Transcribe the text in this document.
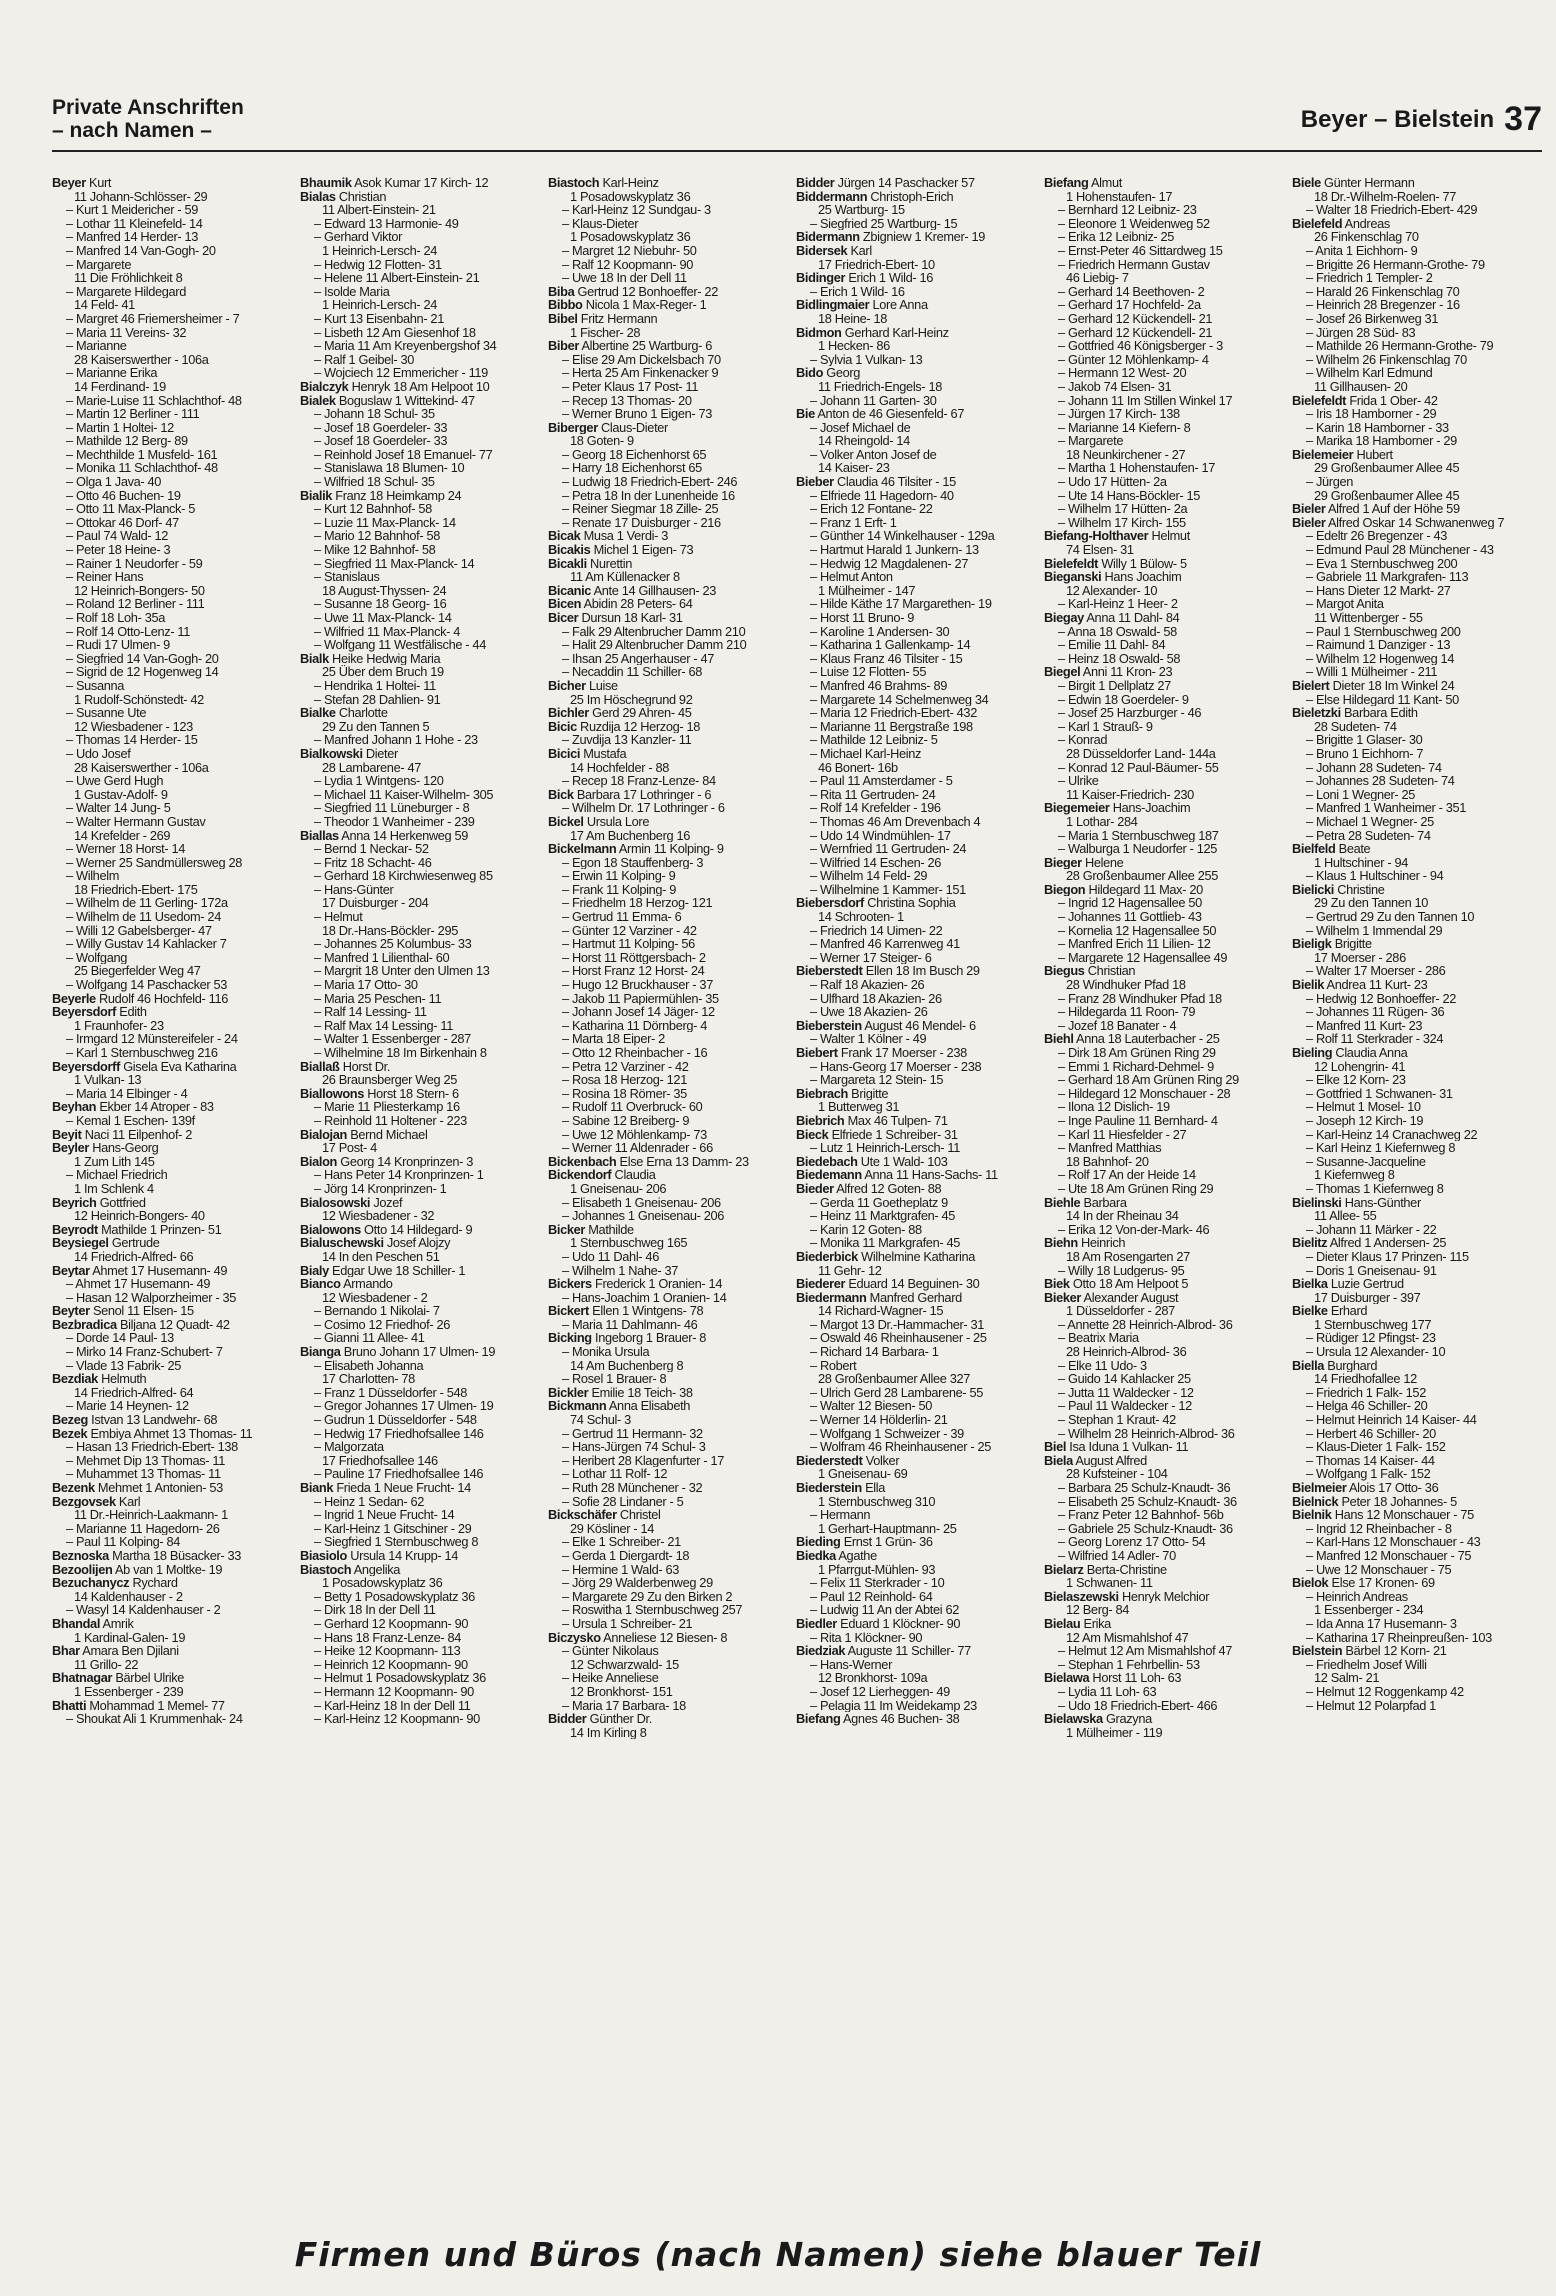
Private Anschriften
– nach Namen –	Beyer – Bielstein 37
Beyer Kurt
11 Johann-Schlösser- 29
– Kurt 1 Meidericher - 59
– Lothar 11 Kleinefeld- 14
– Manfred 14 Herder- 13
– Manfred 14 Van-Gogh- 20
– Margarete
11 Die Fröhlichkeit 8
– Margarete Hildegard
14 Feld- 41
– Margret 46 Friemersheimer - 7
– Maria 11 Vereins- 32
– Marianne
28 Kaiserswerther - 106a
– Marianne Erika
14 Ferdinand- 19
– Marie-Luise 11 Schlachthof- 48
– Martin 12 Berliner - 111
– Martin 1 Holtei- 12
– Mathilde 12 Berg- 89
– Mechthilde 1 Musfeld- 161
– Monika 11 Schlachthof- 48
– Olga 1 Java- 40
– Otto 46 Buchen- 19
– Otto 11 Max-Planck- 5
– Ottokar 46 Dorf- 47
– Paul 74 Wald- 12
– Peter 18 Heine- 3
– Rainer 1 Neudorfer - 59
– Reiner Hans
12 Heinrich-Bongers- 50
– Roland 12 Berliner - 111
– Rolf 18 Loh- 35a
– Rolf 14 Otto-Lenz- 11
– Rudi 17 Ulmen- 9
– Siegfried 14 Van-Gogh- 20
– Sigrid de 12 Hogenweg 14
– Susanna
1 Rudolf-Schönstedt- 42
– Susanne Ute
12 Wiesbadener - 123
– Thomas 14 Herder- 15
– Udo Josef
28 Kaiserswerther - 106a
– Uwe Gerd Hugh
1 Gustav-Adolf- 9
– Walter 14 Jung- 5
– Walter Hermann Gustav
14 Krefelder - 269
– Werner 18 Horst- 14
– Werner 25 Sandmüllersweg 28
– Wilhelm
18 Friedrich-Ebert- 175
– Wilhelm de 11 Gerling- 172a
– Wilhelm de 11 Usedom- 24
– Willi 12 Gabelsberger- 47
– Willy Gustav 14 Kahlacker 7
– Wolfgang
25 Biegerfelder Weg 47
– Wolfgang 14 Paschacker 53
Beyerle Rudolf 46 Hochfeld- 116
Beyersdorf Edith
1 Fraunhofer- 23
– Irmgard 12 Münstereifeler - 24
– Karl 1 Sternbuschweg 216
Beyersdorff Gisela Eva Katharina
1 Vulkan- 13
– Maria 14 Elbinger - 4
Beyhan Ekber 14 Atroper - 83
– Kemal 1 Eschen- 139f
Beyit Naci 11 Eilpenhof- 2
Beyler Hans-Georg
1 Zum Lith 145
– Michael Friedrich
1 Im Schlenk 4
Beyrich Gottfried
12 Heinrich-Bongers- 40
Beyrodt Mathilde 1 Prinzen- 51
Beysiegel Gertrude
14 Friedrich-Alfred- 66
Beytar Ahmet 17 Husemann- 49
– Ahmet 17 Husemann- 49
– Hasan 12 Walporzheimer - 35
Beyter Senol 11 Elsen- 15
Bezbradica Biljana 12 Quadt- 42
– Dorde 14 Paul- 13
– Mirko 14 Franz-Schubert- 7
– Vlade 13 Fabrik- 25
Bezdiak Helmuth
14 Friedrich-Alfred- 64
– Marie 14 Heynen- 12
Bezeg Istvan 13 Landwehr- 68
Bezek Embiya Ahmet 13 Thomas- 11
– Hasan 13 Friedrich-Ebert- 138
– Mehmet Dip 13 Thomas- 11
– Muhammet 13 Thomas- 11
Bezenk Mehmet 1 Antonien- 53
Bezgovsek Karl
11 Dr.-Heinrich-Laakmann- 1
– Marianne 11 Hagedorn- 26
– Paul 11 Kolping- 84
Beznoska Martha 18 Büsacker- 33
Bezoolijen Ab van 1 Moltke- 19
Bezuchanycz Rychard
14 Kaldenhauser - 2
– Wasyl 14 Kaldenhauser - 2
Bhandal Amrik
1 Kardinal-Galen- 19
Bhar Amara Ben Djilani
11 Grillo- 22
Bhatnagar Bärbel Ulrike
1 Essenberger - 239
Bhatti Mohammad 1 Memel- 77
– Shoukat Ali 1 Krummenhak- 24
Bhaumik Asok Kumar 17 Kirch- 12
Bialas Christian
11 Albert-Einstein- 21
– Edward 13 Harmonie- 49
– Gerhard Viktor
1 Heinrich-Lersch- 24
– Hedwig 12 Flotten- 31
– Helene 11 Albert-Einstein- 21
– Isolde Maria
1 Heinrich-Lersch- 24
– Kurt 13 Eisenbahn- 21
– Lisbeth 12 Am Giesenhof 18
– Maria 11 Am Kreyenbergshof 34
– Ralf 1 Geibel- 30
– Wojciech 12 Emmericher - 119
Bialczyk Henryk 18 Am Helpoot 10
Bialek Boguslaw 1 Wittekind- 47
– Johann 18 Schul- 35
– Josef 18 Goerdeler- 33
– Josef 18 Goerdeler- 33
– Reinhold Josef 18 Emanuel- 77
– Stanislawa 18 Blumen- 10
– Wilfried 18 Schul- 35
Bialik Franz 18 Heimkamp 24
– Kurt 12 Bahnhof- 58
– Luzie 11 Max-Planck- 14
– Mario 12 Bahnhof- 58
– Mike 12 Bahnhof- 58
– Siegfried 11 Max-Planck- 14
– Stanislaus
18 August-Thyssen- 24
– Susanne 18 Georg- 16
– Uwe 11 Max-Planck- 14
– Wilfried 11 Max-Planck- 4
– Wolfgang 11 Westfälische - 44
Bialk Heike Hedwig Maria
25 Über dem Bruch 19
– Hendrika 1 Holtei- 11
– Stefan 28 Dahlien- 91
Bialke Charlotte
29 Zu den Tannen 5
– Manfred Johann 1 Hohe - 23
Bialkowski Dieter
28 Lambarene- 47
– Lydia 1 Wintgens- 120
– Michael 11 Kaiser-Wilhelm- 305
– Siegfried 11 Lüneburger - 8
– Theodor 1 Wanheimer - 239
Biallas Anna 14 Herkenweg 59
– Bernd 1 Neckar- 52
– Fritz 18 Schacht- 46
– Gerhard 18 Kirchwiesenweg 85
– Hans-Günter
17 Duisburger - 204
– Helmut
18 Dr.-Hans-Böckler- 295
– Johannes 25 Kolumbus- 33
– Manfred 1 Lilienthal- 60
– Margrit 18 Unter den Ulmen 13
– Maria 17 Otto- 30
– Maria 25 Peschen- 11
– Ralf 14 Lessing- 11
– Ralf Max 14 Lessing- 11
– Walter 1 Essenberger - 287
– Wilhelmine 18 Im Birkenhain 8
Biallaß Horst Dr.
26 Braunsberger Weg 25
Biallowons Horst 18 Stern- 6
– Marie 11 Pliesterkamp 16
– Reinhold 11 Holtener - 223
Bialojan Bernd Michael
17 Post- 4
Bialon Georg 14 Kronprinzen- 3
– Hans Peter 14 Kronprinzen- 1
– Jörg 14 Kronprinzen- 1
Bialosowski Jozef
12 Wiesbadener - 32
Bialowons Otto 14 Hildegard- 9
Bialuschewski Josef Alojzy
14 In den Peschen 51
Bialy Edgar Uwe 18 Schiller- 1
Bianco Armando
12 Wiesbadener - 2
– Bernando 1 Nikolai- 7
– Cosimo 12 Friedhof- 26
– Gianni 11 Allee- 41
Bianga Bruno Johann 17 Ulmen- 19
– Elisabeth Johanna
17 Charlotten- 78
– Franz 1 Düsseldorfer - 548
– Gregor Johannes 17 Ulmen- 19
– Gudrun 1 Düsseldorfer - 548
– Hedwig 17 Friedhofsallee 146
– Malgorzata
17 Friedhofsallee 146
– Pauline 17 Friedhofsallee 146
Biank Frieda 1 Neue Frucht- 14
– Heinz 1 Sedan- 62
– Ingrid 1 Neue Frucht- 14
– Karl-Heinz 1 Gitschiner - 29
– Siegfried 1 Sternbuschweg 8
Biasiolo Ursula 14 Krupp- 14
Biastoch Angelika
1 Posadowskyplatz 36
– Betty 1 Posadowskyplatz 36
– Dirk 18 In der Dell 11
– Gerhard 12 Koopmann- 90
– Hans 18 Franz-Lenze- 84
– Heike 12 Koopmann- 113
– Heinrich 12 Koopmann- 90
– Helmut 1 Posadowskyplatz 36
– Hermann 12 Koopmann- 90
– Karl-Heinz 18 In der Dell 11
– Karl-Heinz 12 Koopmann- 90
Biastoch Karl-Heinz
1 Posadowskyplatz 36
– Karl-Heinz 12 Sundgau- 3
– Klaus-Dieter
1 Posadowskyplatz 36
– Margret 12 Niebuhr- 50
– Ralf 12 Koopmann- 90
– Uwe 18 In der Dell 11
Biba Gertrud 12 Bonhoeffer- 22
Bibbo Nicola 1 Max-Reger- 1
Bibel Fritz Hermann
1 Fischer- 28
Biber Albertine 25 Wartburg- 6
– Elise 29 Am Dickelsbach 70
– Herta 25 Am Finkenacker 9
– Peter Klaus 17 Post- 11
– Recep 13 Thomas- 20
– Werner Bruno 1 Eigen- 73
Biberger Claus-Dieter
18 Goten- 9
– Georg 18 Eichenhorst 65
– Harry 18 Eichenhorst 65
– Ludwig 18 Friedrich-Ebert- 246
– Petra 18 In der Lunenheide 16
– Reiner Siegmar 18 Zille- 25
– Renate 17 Duisburger - 216
Bicak Musa 1 Verdi- 3
Bicakis Michel 1 Eigen- 73
Bicakli Nurettin
11 Am Küllenacker 8
Bicanic Ante 14 Gillhausen- 23
Bicen Abidin 28 Peters- 64
Bicer Dursun 18 Karl- 31
– Falk 29 Altenbrucher Damm 210
– Halit 29 Altenbrucher Damm 210
– Ihsan 25 Angerhauser - 47
– Necaddin 11 Schiller- 68
Bicher Luise
25 Im Höschegrund 92
Bichler Gerd 29 Ahren- 45
Bicic Ruzdija 12 Herzog- 18
– Zuvdija 13 Kanzler- 11
Bicici Mustafa
14 Hochfelder - 88
– Recep 18 Franz-Lenze- 84
Bick Barbara 17 Lothringer - 6
– Wilhelm Dr. 17 Lothringer - 6
Bickel Ursula Lore
17 Am Buchenberg 16
Bickelmann Armin 11 Kolping- 9
– Egon 18 Stauffenberg- 3
– Erwin 11 Kolping- 9
– Frank 11 Kolping- 9
– Friedhelm 18 Herzog- 121
– Gertrud 11 Emma- 6
– Günter 12 Varziner - 42
– Hartmut 11 Kolping- 56
– Horst 11 Röttgersbach- 2
– Horst Franz 12 Horst- 24
– Hugo 12 Bruckhauser - 37
– Jakob 11 Papiermühlen- 35
– Johann Josef 14 Jäger- 12
– Katharina 11 Dörnberg- 4
– Marta 18 Eiper- 2
– Otto 12 Rheinbacher - 16
– Petra 12 Varziner - 42
– Rosa 18 Herzog- 121
– Rosina 18 Römer- 35
– Rudolf 11 Overbruck- 60
– Sabine 12 Breiberg- 9
– Uwe 12 Möhlenkamp- 73
– Werner 11 Aldenrader - 66
Bickenbach Else Erna 13 Damm- 23
Bickendorf Claudia
1 Gneisenau- 206
– Elisabeth 1 Gneisenau- 206
– Johannes 1 Gneisenau- 206
Bicker Mathilde
1 Sternbuschweg 165
– Udo 11 Dahl- 46
– Wilhelm 1 Nahe- 37
Bickers Frederick 1 Oranien- 14
– Hans-Joachim 1 Oranien- 14
Bickert Ellen 1 Wintgens- 78
– Maria 11 Dahlmann- 46
Bicking Ingeborg 1 Brauer- 8
– Monika Ursula
14 Am Buchenberg 8
– Rosel 1 Brauer- 8
Bickler Emilie 18 Teich- 38
Bickmann Anna Elisabeth
74 Schul- 3
– Gertrud 11 Hermann- 32
– Hans-Jürgen 74 Schul- 3
– Heribert 28 Klagenfurter - 17
– Lothar 11 Rolf- 12
– Ruth 28 Münchener - 32
– Sofie 28 Lindaner - 5
Bickschäfer Christel
29 Kösliner - 14
– Elke 1 Schreiber- 21
– Gerda 1 Diergardt- 18
– Hermine 1 Wald- 63
– Jörg 29 Walderbenweg 29
– Margarete 29 Zu den Birken 2
– Roswitha 1 Sternbuschweg 257
– Ursula 1 Schreiber- 21
Biczysko Anneliese 12 Biesen- 8
– Günter Nikolaus
12 Schwarzwald- 15
– Heike Anneliese
12 Bronkhorst- 151
– Maria 17 Barbara- 18
Bidder Günther Dr.
14 Im Kirling 8
Bidder Jürgen 14 Paschacker 57
Biddermann Christoph-Erich
25 Wartburg- 15
– Siegfried 25 Wartburg- 15
Bidermann Zbigniew 1 Kremer- 19
Bidersek Karl
17 Friedrich-Ebert- 10
Bidinger Erich 1 Wild- 16
– Erich 1 Wild- 16
Bidlingmaier Lore Anna
18 Heine- 18
Bidmon Gerhard Karl-Heinz
1 Hecken- 86
– Sylvia 1 Vulkan- 13
Bido Georg
11 Friedrich-Engels- 18
– Johann 11 Garten- 30
Bie Anton de 46 Giesenfeld- 67
– Josef Michael de
14 Rheingold- 14
– Volker Anton Josef de
14 Kaiser- 23
Bieber Claudia 46 Tilsiter - 15
– Elfriede 11 Hagedorn- 40
– Erich 12 Fontane- 22
– Franz 1 Erft- 1
– Günther 14 Winkelhauser - 129a
– Hartmut Harald 1 Junkern- 13
– Hedwig 12 Magdalenen- 27
– Helmut Anton
1 Mülheimer - 147
– Hilde Käthe 17 Margarethen- 19
– Horst 11 Bruno- 9
– Karoline 1 Andersen- 30
– Katharina 1 Gallenkamp- 14
– Klaus Franz 46 Tilsiter - 15
– Luise 12 Flotten- 55
– Manfred 46 Brahms- 89
– Margarete 14 Schelmenweg 34
– Maria 12 Friedrich-Ebert- 432
– Marianne 11 Bergstraße 198
– Mathilde 12 Leibniz- 5
– Michael Karl-Heinz
46 Bonert- 16b
– Paul 11 Amsterdamer - 5
– Rita 11 Gertruden- 24
– Rolf 14 Krefelder - 196
– Thomas 46 Am Drevenbach 4
– Udo 14 Windmühlen- 17
– Wernfried 11 Gertruden- 24
– Wilfried 14 Eschen- 26
– Wilhelm 14 Feld- 29
– Wilhelmine 1 Kammer- 151
Biebersdorf Christina Sophia
14 Schrooten- 1
– Friedrich 14 Uimen- 22
– Manfred 46 Karrenweg 41
– Werner 17 Steiger- 6
Bieberstedt Ellen 18 Im Busch 29
– Ralf 18 Akazien- 26
– Ulfhard 18 Akazien- 26
– Uwe 18 Akazien- 26
Bieberstein August 46 Mendel- 6
– Walter 1 Kölner - 49
Biebert Frank 17 Moerser - 238
– Hans-Georg 17 Moerser - 238
– Margareta 12 Stein- 15
Biebrach Brigitte
1 Butterweg 31
Biebrich Max 46 Tulpen- 71
Bieck Elfriede 1 Schreiber- 31
– Lutz 1 Heinrich-Lersch- 11
Biedebach Ute 1 Wald- 103
Biedemann Anna 11 Hans-Sachs- 11
Bieder Alfred 12 Goten- 88
– Gerda 11 Goetheplatz 9
– Heinz 11 Marktgrafen- 45
– Karin 12 Goten- 88
– Monika 11 Markgrafen- 45
Biederbick Wilhelmine Katharina
11 Gehr- 12
Biederer Eduard 14 Beguinen- 30
Biedermann Manfred Gerhard
14 Richard-Wagner- 15
– Margot 13 Dr.-Hammacher- 31
– Oswald 46 Rheinhausener - 25
– Richard 14 Barbara- 1
– Robert
28 Großenbaumer Allee 327
– Ulrich Gerd 28 Lambarene- 55
– Walter 12 Biesen- 50
– Werner 14 Hölderlin- 21
– Wolfgang 1 Schweizer - 39
– Wolfram 46 Rheinhausener - 25
Biederstedt Volker
1 Gneisenau- 69
Biederstein Ella
1 Sternbuschweg 310
– Hermann
1 Gerhart-Hauptmann- 25
Bieding Ernst 1 Grün- 36
Biedka Agathe
1 Pfarrgut-Mühlen- 93
– Felix 11 Sterkrader - 10
– Paul 12 Reinhold- 64
– Ludwig 11 An der Abtei 62
Biedler Eduard 1 Klöckner- 90
– Rita 1 Klöckner- 90
Biedziak Auguste 11 Schiller- 77
– Hans-Werner
12 Bronkhorst- 109a
– Josef 12 Lierheggen- 49
– Pelagia 11 Im Weidekamp 23
Biefang Agnes 46 Buchen- 38
Biefang Almut
1 Hohenstaufen- 17
– Bernhard 12 Leibniz- 23
– Eleonore 1 Weidenweg 52
– Erika 12 Leibniz- 25
– Ernst-Peter 46 Sittardweg 15
– Friedrich Hermann Gustav
46 Liebig- 7
– Gerhard 14 Beethoven- 2
– Gerhard 17 Hochfeld- 2a
– Gerhard 12 Kückendell- 21
– Gerhard 12 Kückendell- 21
– Gottfried 46 Königsberger - 3
– Günter 12 Möhlenkamp- 4
– Hermann 12 West- 20
– Jakob 74 Elsen- 31
– Johann 11 Im Stillen Winkel 17
– Jürgen 17 Kirch- 138
– Marianne 14 Kiefern- 8
– Margarete
18 Neunkirchener - 27
– Martha 1 Hohenstaufen- 17
– Udo 17 Hütten- 2a
– Ute 14 Hans-Böckler- 15
– Wilhelm 17 Hütten- 2a
– Wilhelm 17 Kirch- 155
Biefang-Holthaver Helmut
74 Elsen- 31
Bielefeldt Willy 1 Bülow- 5
Bieganski Hans Joachim
12 Alexander- 10
– Karl-Heinz 1 Heer- 2
Biegay Anna 11 Dahl- 84
– Anna 18 Oswald- 58
– Emilie 11 Dahl- 84
– Heinz 18 Oswald- 58
Biegel Anni 11 Kron- 23
– Birgit 1 Dellplatz 27
– Edwin 18 Goerdeler- 9
– Josef 25 Harzburger - 46
– Karl 1 Strauß- 9
– Konrad
28 Düsseldorfer Land- 144a
– Konrad 12 Paul-Bäumer- 55
– Ulrike
11 Kaiser-Friedrich- 230
Biegemeier Hans-Joachim
1 Lothar- 284
– Maria 1 Sternbuschweg 187
– Walburga 1 Neudorfer - 125
Bieger Helene
28 Großenbaumer Allee 255
Biegon Hildegard 11 Max- 20
– Ingrid 12 Hagensallee 50
– Johannes 11 Gottlieb- 43
– Kornelia 12 Hagensallee 50
– Manfred Erich 11 Lilien- 12
– Margarete 12 Hagensallee 49
Biegus Christian
28 Windhuker Pfad 18
– Franz 28 Windhuker Pfad 18
– Hildegarda 11 Roon- 79
– Jozef 18 Banater - 4
Biehl Anna 18 Lauterbacher - 25
– Dirk 18 Am Grünen Ring 29
– Emmi 1 Richard-Dehmel- 9
– Gerhard 18 Am Grünen Ring 29
– Hildegard 12 Monschauer - 28
– Ilona 12 Dislich- 19
– Inge Pauline 11 Bernhard- 4
– Karl 11 Hiesfelder - 27
– Manfred Matthias
18 Bahnhof- 20
– Rolf 17 An der Heide 14
– Ute 18 Am Grünen Ring 29
Biehle Barbara
14 In der Rheinau 34
– Erika 12 Von-der-Mark- 46
Biehn Heinrich
18 Am Rosengarten 27
– Willy 18 Ludgerus- 95
Biek Otto 18 Am Helpoot 5
Bieker Alexander August
1 Düsseldorfer - 287
– Annette 28 Heinrich-Albrod- 36
– Beatrix Maria
28 Heinrich-Albrod- 36
– Elke 11 Udo- 3
– Guido 14 Kahlacker 25
– Jutta 11 Waldecker - 12
– Paul 11 Waldecker - 12
– Stephan 1 Kraut- 42
– Wilhelm 28 Heinrich-Albrod- 36
Biel Isa Iduna 1 Vulkan- 11
Biela August Alfred
28 Kufsteiner - 104
– Barbara 25 Schulz-Knaudt- 36
– Elisabeth 25 Schulz-Knaudt- 36
– Franz Peter 12 Bahnhof- 56b
– Gabriele 25 Schulz-Knaudt- 36
– Georg Lorenz 17 Otto- 54
– Wilfried 14 Adler- 70
Bielarz Berta-Christine
1 Schwanen- 11
Bielaszewski Henryk Melchior
12 Berg- 84
Bielau Erika
12 Am Mismahlshof 47
– Helmut 12 Am Mismahlshof 47
– Stephan 1 Fehrbellin- 53
Bielawa Horst 11 Loh- 63
– Lydia 11 Loh- 63
– Udo 18 Friedrich-Ebert- 466
Bielawska Grazyna
1 Mülheimer - 119
Biele Günter Hermann
18 Dr.-Wilhelm-Roelen- 77
– Walter 18 Friedrich-Ebert- 429
Bielefeld Andreas
26 Finkenschlag 70
– Anita 1 Eichhorn- 9
– Brigitte 26 Hermann-Grothe- 79
– Friedrich 1 Templer- 2
– Harald 26 Finkenschlag 70
– Heinrich 28 Bregenzer - 16
– Josef 26 Birkenweg 31
– Jürgen 28 Süd- 83
– Mathilde 26 Hermann-Grothe- 79
– Wilhelm 26 Finkenschlag 70
– Wilhelm Karl Edmund
11 Gillhausen- 20
Bielefeldt Frida 1 Ober- 42
– Iris 18 Hamborner - 29
– Karin 18 Hamborner - 33
– Marika 18 Hamborner - 29
Bielemeier Hubert
29 Großenbaumer Allee 45
– Jürgen
29 Großenbaumer Allee 45
Bieler Alfred 1 Auf der Höhe 59
Bieler Alfred Oskar 14 Schwanenweg 7
– Edeltr 26 Bregenzer - 43
– Edmund Paul 28 Münchener - 43
– Eva 1 Sternbuschweg 200
– Gabriele 11 Markgrafen- 113
– Hans Dieter 12 Markt- 27
– Margot Anita
11 Wittenberger - 55
– Paul 1 Sternbuschweg 200
– Raimund 1 Danziger - 13
– Wilhelm 12 Hogenweg 14
– Willi 1 Mülheimer - 211
Bielert Dieter 18 Im Winkel 24
– Else Hildegard 11 Kant- 50
Bieletzki Barbara Edith
28 Sudeten- 74
– Brigitte 1 Glaser- 30
– Bruno 1 Eichhorn- 7
– Johann 28 Sudeten- 74
– Johannes 28 Sudeten- 74
– Loni 1 Wegner- 25
– Manfred 1 Wanheimer - 351
– Michael 1 Wegner- 25
– Petra 28 Sudeten- 74
Bielfeld Beate
1 Hultschiner - 94
– Klaus 1 Hultschiner - 94
Bielicki Christine
29 Zu den Tannen 10
– Gertrud 29 Zu den Tannen 10
– Wilhelm 1 Immendal 29
Bieligk Brigitte
17 Moerser - 286
– Walter 17 Moerser - 286
Bielik Andrea 11 Kurt- 23
– Hedwig 12 Bonhoeffer- 22
– Johannes 11 Rügen- 36
– Manfred 11 Kurt- 23
– Rolf 11 Sterkrader - 324
Bieling Claudia Anna
12 Lohengrin- 41
– Elke 12 Korn- 23
– Gottfried 1 Schwanen- 31
– Helmut 1 Mosel- 10
– Joseph 12 Kirch- 19
– Karl-Heinz 14 Cranachweg 22
– Karl Heinz 1 Kiefernweg 8
– Susanne-Jacqueline
1 Kiefernweg 8
– Thomas 1 Kiefernweg 8
Bielinski Hans-Günther
11 Allee- 55
– Johann 11 Märker - 22
Bielitz Alfred 1 Andersen- 25
– Dieter Klaus 17 Prinzen- 115
– Doris 1 Gneisenau- 91
Bielka Luzie Gertrud
17 Duisburger - 397
Bielke Erhard
1 Sternbuschweg 177
– Rüdiger 12 Pfingst- 23
– Ursula 12 Alexander- 10
Biella Burghard
14 Friedhofallee 12
– Friedrich 1 Falk- 152
– Helga 46 Schiller- 20
– Helmut Heinrich 14 Kaiser- 44
– Herbert 46 Schiller- 20
– Klaus-Dieter 1 Falk- 152
– Thomas 14 Kaiser- 44
– Wolfgang 1 Falk- 152
Bielmeier Alois 17 Otto- 36
Bielnick Peter 18 Johannes- 5
Bielnik Hans 12 Monschauer - 75
– Ingrid 12 Rheinbacher - 8
– Karl-Hans 12 Monschauer - 43
– Manfred 12 Monschauer - 75
– Uwe 12 Monschauer - 75
Bielok Else 17 Kronen- 69
– Heinrich Andreas
1 Essenberger - 234
– Ida Anna 17 Husemann- 3
– Katharina 17 Rheinpreußen- 103
Bielstein Bärbel 12 Korn- 21
– Friedhelm Josef Willi
12 Salm- 21
– Helmut 12 Roggenkamp 42
– Helmut 12 Polarpfad 1
Firmen und Büros (nach Namen) siehe blauer Teil
